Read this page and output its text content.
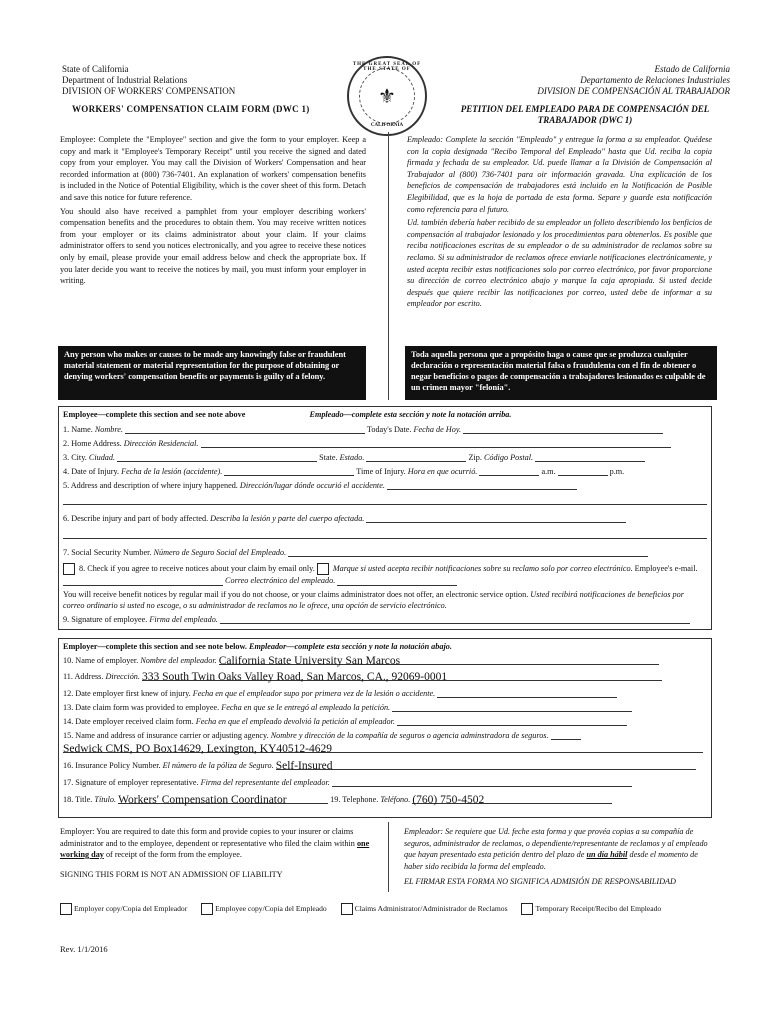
State of California
Department of Industrial Relations
DIVISION OF WORKERS' COMPENSATION
THE GREAT SEAL OF THE STATE OF
⚜
CALIFORNIA
Estado de California
Departamento de Relaciones Industriales
DIVISION DE COMPENSACIÓN AL TRABAJADOR
WORKERS' COMPENSATION CLAIM FORM (DWC 1)	PETITION DEL EMPLEADO PARA DE COMPENSACIÓN DEL TRABAJADOR (DWC 1)

Employee: Complete the "Employee" section and give the form to your employer. Keep a copy and mark it "Employee's Temporary Receipt" until you receive the signed and dated copy from your employer. You may call the Division of Workers' Compensation and hear recorded information at (800) 736-7401. An explanation of workers' compensation benefits is included in the Notice of Potential Eligibility, which is the cover sheet of this form. Detach and save this notice for future reference.

You should also have received a pamphlet from your employer describing workers' compensation benefits and the procedures to obtain them. You may receive written notices from your employer or its claims administrator about your claim. If your claims administrator offers to send you notices electronically, and you agree to receive these notices only by email, please provide your email address below and check the appropriate box. If you later decide you want to receive the notices by mail, you must inform your employer in writing.

Empleado: Complete la sección "Empleado" y entregue la forma a su empleador. Quédese con la copia designada "Recibo Temporal del Empleado" hasta que Ud. reciba la copia firmada y fechada de su empleador. Ud. puede llamar a la División de Compensación al Trabajador al (800) 736-7401 para oir información gravada. Una explicación de los beneficios de compensación de trabajadores está incluido en la Notificación de Posible Elegibilidad, que es la hoja de portada de esta forma. Separe y guarde esta notificación como referencia para el futuro.

Ud. también debería haber recibido de su empleador un folleto describiendo los benficios de compensación al trabajador lesionado y los procedimientos para obtenerlos. Es posible que reciba notificaciones escritas de su empleador o de su administrador de reclamos sobre su reclamo. Si su administrador de reclamos ofrece enviarle notificaciones electrónicamente, y usted acepta recibir estas notificaciones solo por correo electrónico, por favor proporcione su dirección de correo electrónico abajo y marque la caja apropiada. Si usted decide después que quiere recibir las notificaciones por correo, usted debe de informar a su empleador por escrito.

Any person who makes or causes to be made any knowingly false or fraudulent material statement or material representation for the purpose of obtaining or denying workers' compensation benefits or payments is guilty of a felony.
Toda aquella persona que a propósito haga o cause que se produzca cualquier declaración o representación material falsa o fraudulenta con el fin de obtener o negar beneficios o pagos de compensación a trabajadores lesionados es culpable de un crimen mayor "felonía".
Employee—complete this section and see note above	Empleado—complete esta sección y note la notación arriba.
1. Name. Nombre.	Today's Date. Fecha de Hoy.
2. Home Address. Dirección Residencial.
3. City. Ciudad.	State. Estado.	Zip. Código Postal.
4. Date of Injury. Fecha de la lesión (accidente).	Time of Injury. Hora en que ocurrió.	a.m.	p.m.
5. Address and description of where injury happened. Dirección/lugar dónde occurió el accidente.
6. Describe injury and part of body affected. Describa la lesión y parte del cuerpo afectada.
7. Social Security Number. Número de Seguro Social del Empleado.
8. Check if you agree to receive notices about your claim by email only. Marque si usted acepta recibir notificaciones sobre su reclamo solo por correo electrónico. Employee's e-mail.  Correo electrónico del empleado.
You will receive benefit notices by regular mail if you do not choose, or your claims administrator does not offer, an electronic service option. Usted recibirá notificaciones de beneficios por correo ordinario si usted no escoge, o su administrador de reclamos no le ofrece, una opción de servicio electrónico.
9. Signature of employee. Firma del empleado.
Employer—complete this section and see note below. Empleador—complete esta sección y note la notación abajo.
10. Name of employer. Nombre del empleador. California State University San Marcos
11. Address. Dirección. 333 South Twin Oaks Valley Road, San Marcos, CA., 92069-0001
12. Date employer first knew of injury. Fecha en que el empleador supo por primera vez de la lesión o accidente.
13. Date claim form was provided to employee. Fecha en que se le entregó al empleado la petición.
14. Date employer received claim form. Fecha en que el empleado devolvió la petición al empleador.
15. Name and address of insurance carrier or adjusting agency. Nombre y dirección de la compañía de seguros o agencia adminstradora de seguros.
Sedwick CMS, PO Box14629, Lexington, KY40512-4629
16. Insurance Policy Number. El número de la póliza de Seguro. Self-Insured
17. Signature of employer representative. Firma del representante del empleador.
18. Title. Título. Workers' Compensation Coordinator	19. Telephone. Teléfono. (760) 750-4502
Employer: You are required to date this form and provide copies to your insurer or claims administrator and to the employee, dependent or representative who filed the claim within one working day of receipt of the form from the employee.
SIGNING THIS FORM IS NOT AN ADMISSION OF LIABILITY
Empleador: Se requiere que Ud. feche esta forma y que provéa copias a su compañía de seguros, administrador de reclamos, o dependiente/representante de reclamos y al empleado que hayan presentado esta petición dentro del plazo de un día hábil desde el momento de haber sido recibida la forma del empleado.
EL FIRMAR ESTA FORMA NO SIGNIFICA ADMISIÓN DE RESPONSABILIDAD
Employer copy/Copia del Empleador	Employee copy/Copia del Empleado	Claims Administrator/Administrador de Reclamos	Temporary Receipt/Recibo del Empleado
Rev. 1/1/2016
